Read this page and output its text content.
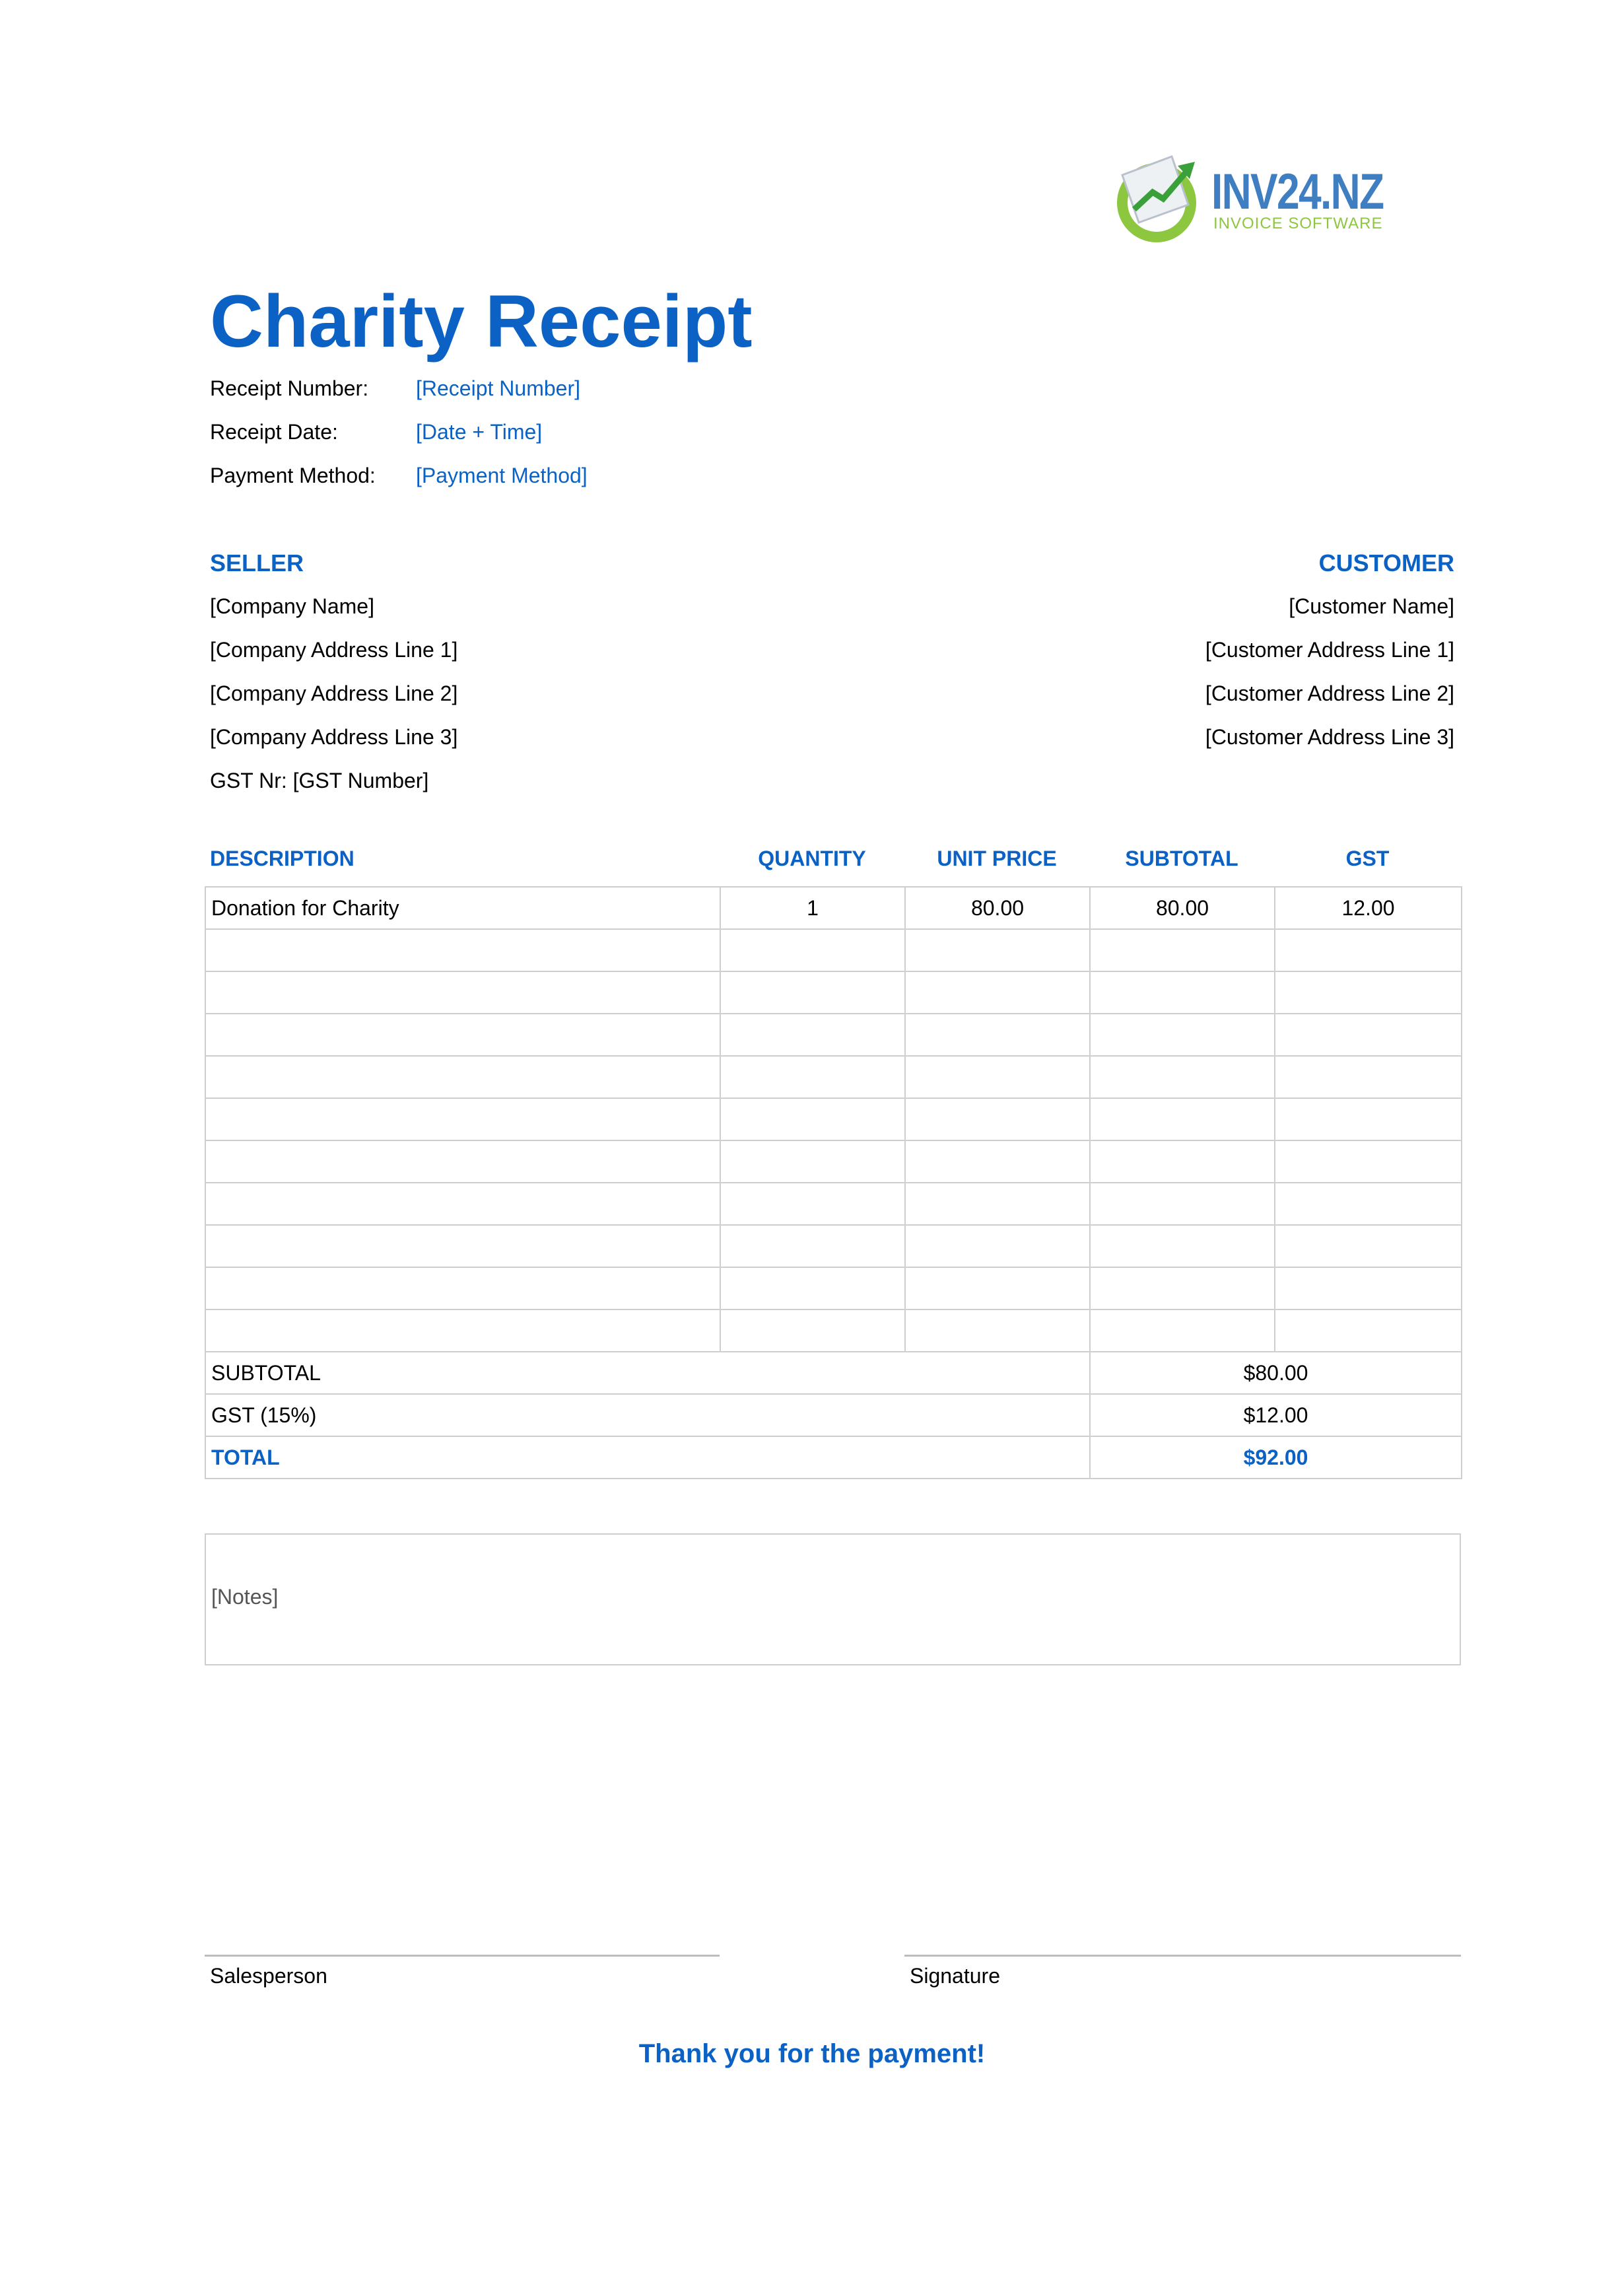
INV24.NZ
INVOICE SOFTWARE
Charity Receipt
Receipt Number: [Receipt Number]
Receipt Date:	[Date + Time]
Payment Method: [Payment Method]
SELLER
[Company Name]
[Company Address Line 1]
[Company Address Line 2]
[Company Address Line 3]
GST Nr: [GST Number]
CUSTOMER
[Customer Name]
[Customer Address Line 1]
[Customer Address Line 2]
[Customer Address Line 3]
DESCRIPTION	QUANTITY	UNIT PRICE	SUBTOTAL	GST
Donation for Charity	1	80.00	80.00	12.00

SUBTOTAL			$80.00	
GST (15%)			$12.00	
TOTAL			$92.00	
[Notes]
Salesperson	Signature
Thank you for the payment!
